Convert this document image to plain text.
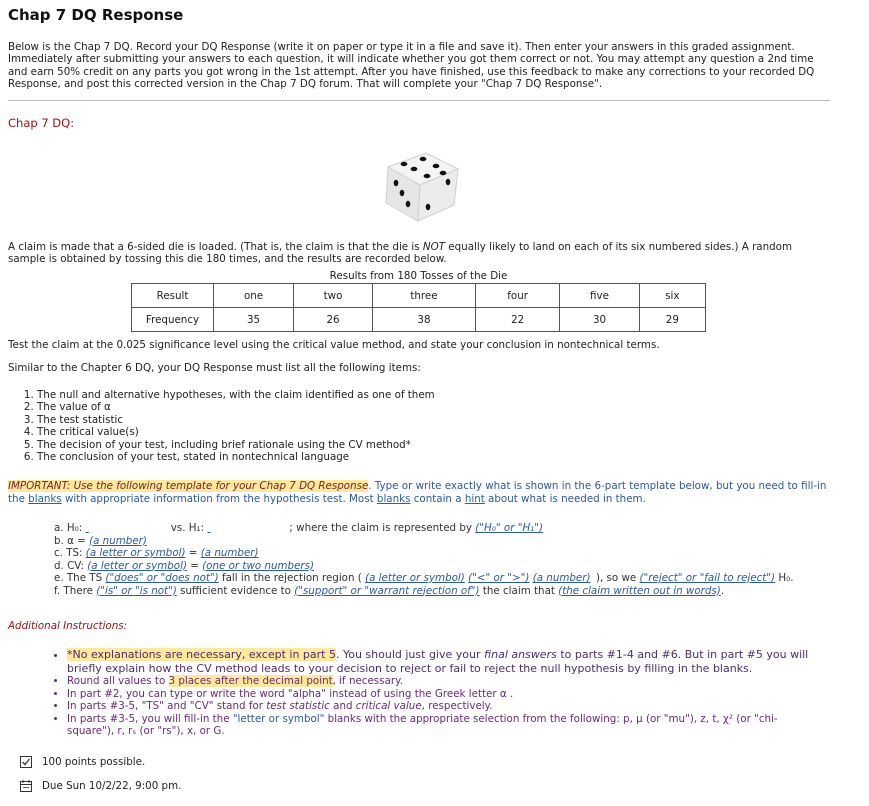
Chap 7 DQ Response
Below is the Chap 7 DQ. Record your DQ Response (write it on paper or type it in a file and save it). Then enter your answers in this graded assignment. Immediately after submitting your answers to each question, it will indicate whether you got them correct or not. You may attempt any question a 2nd time and earn 50% credit on any parts you got wrong in the 1st attempt. After you have finished, use this feedback to make any corrections to your recorded DQ Response, and post this corrected version in the Chap 7 DQ forum. That will complete your "Chap 7 DQ Response".
Chap 7 DQ:
A claim is made that a 6-sided die is loaded. (That is, the claim is that the die is NOT equally likely to land on each of its six numbered sides.) A random sample is obtained by tossing this die 180 times, and the results are recorded below.
Results from 180 Tosses of the Die
Result	one	two	three	four	five	six
Frequency	35	26	38	22	30	29
Test the claim at the 0.025 significance level using the critical value method, and state your conclusion in nontechnical terms.
Similar to the Chapter 6 DQ, your DQ Response must list all the following items:
1. The null and alternative hypotheses, with the claim identified as one of them
2. The value of α
3. The test statistic
4. The critical value(s)
5. The decision of your test, including brief rationale using the CV method*
6. The conclusion of your test, stated in nontechnical language
IMPORTANT: Use the following template for your Chap 7 DQ Response. Type or write exactly what is shown in the 6-part template below, but you need to fill-in the blanks with appropriate information from the hypothesis test. Most blanks contain a hint about what is needed in them.
a. H₀:	vs. H₁:	; where the claim is represented by ("H₀" or "H₁")
b. α = (a number)
c. TS: (a letter or symbol) = (a number)
d. CV: (a letter or symbol) = (one or two numbers)
e. The TS ("does" or "does not") fall in the rejection region ( (a letter or symbol) ("<" or ">") (a number) ), so we ("reject" or "fail to reject") H₀.
f. There ("is" or "is not") sufficient evidence to ("support" or "warrant rejection of") the claim that (the claim written out in words).
Additional Instructions:
• *No explanations are necessary, except in part 5. You should just give your final answers to parts #1-4 and #6. But in part #5 you will briefly explain how the CV method leads to your decision to reject or fail to reject the null hypothesis by filling in the blanks.
• Round all values to 3 places after the decimal point, if necessary.
• In part #2, you can type or write the word "alpha" instead of using the Greek letter α .
• In parts #3-5, "TS" and "CV" stand for test statistic and critical value, respectively.
• In parts #3-5, you will fill-in the "letter or symbol" blanks with the appropriate selection from the following: p, μ (or "mu"), z, t, χ² (or "chi-square"), r, rₛ (or "rs"), x, or G.
100 points possible.
Due Sun 10/2/22, 9:00 pm.
